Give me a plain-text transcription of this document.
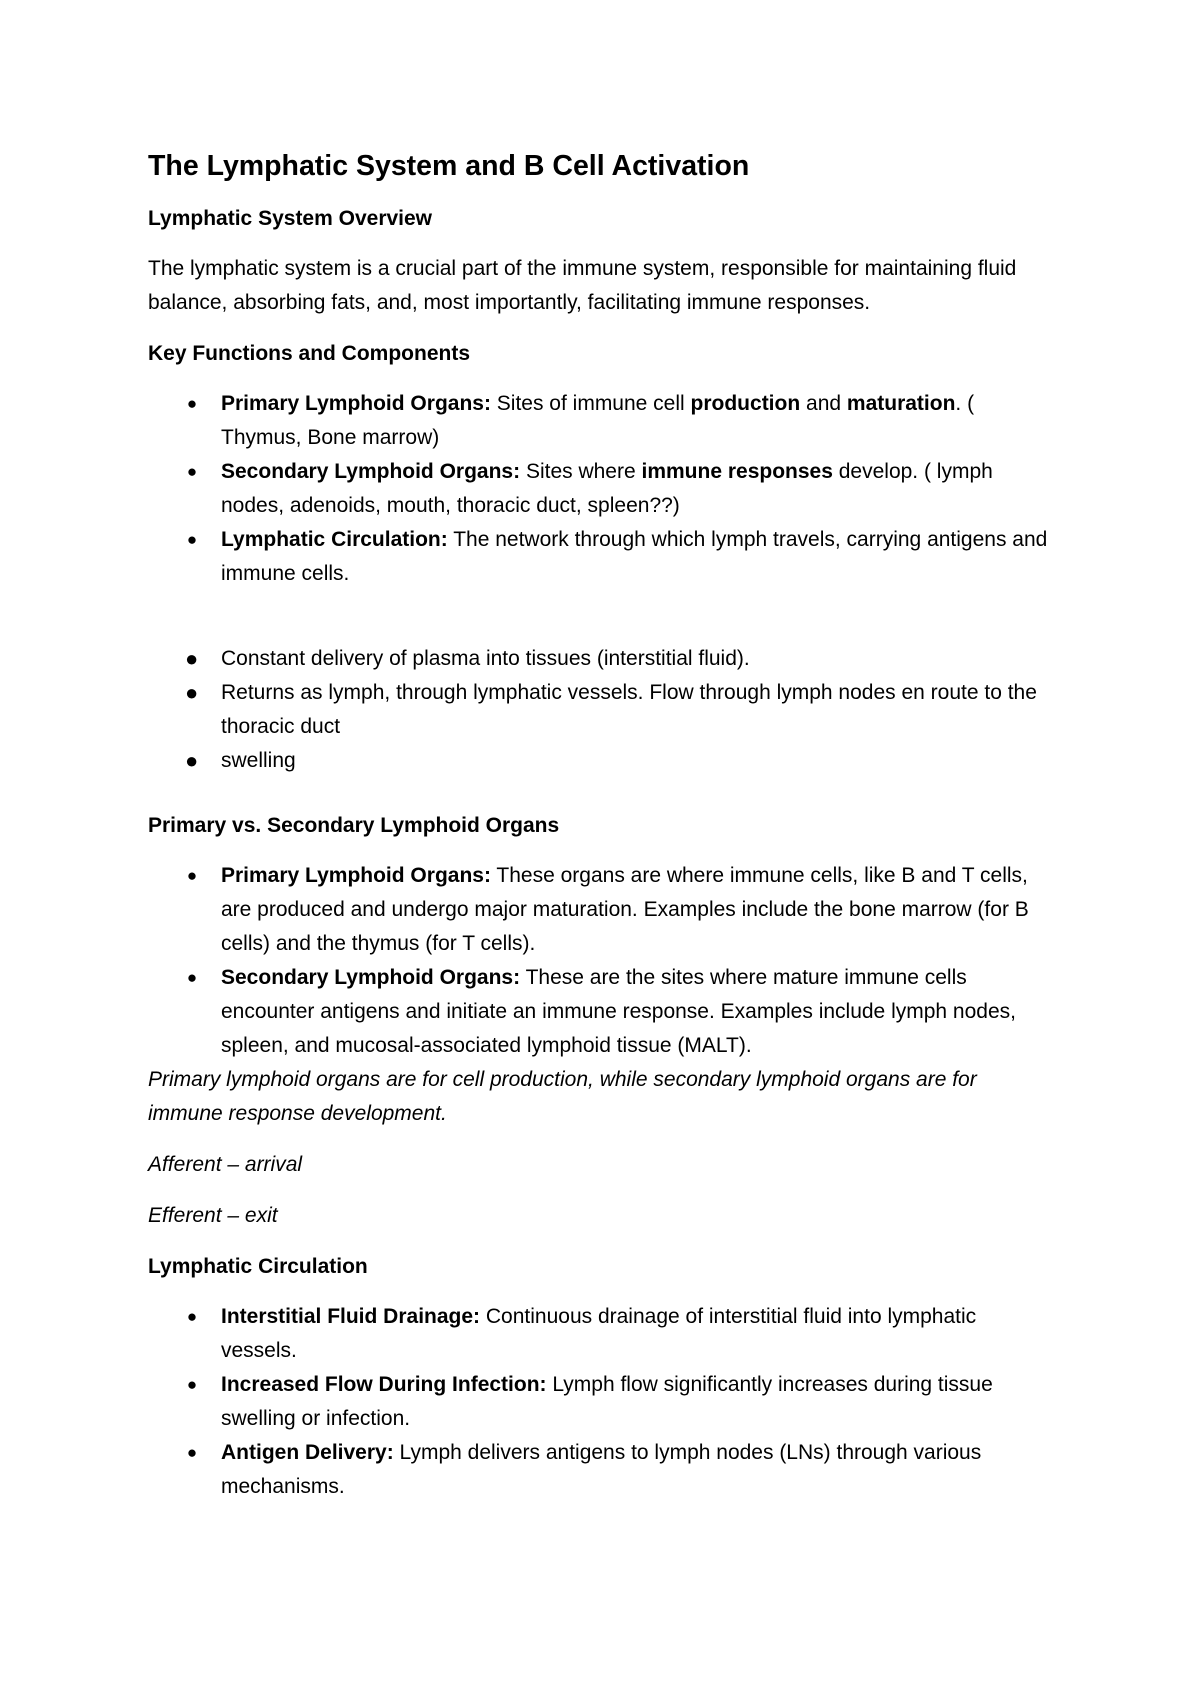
The Lymphatic System and B Cell Activation
Lymphatic System Overview

The lymphatic system is a crucial part of the immune system, responsible for maintaining fluid balance, absorbing fats, and, most importantly, facilitating immune responses.

Key Functions and Components
● Primary Lymphoid Organs: Sites of immune cell production and maturation. ( Thymus, Bone marrow)
● Secondary Lymphoid Organs: Sites where immune responses develop. ( lymph nodes, adenoids, mouth, thoracic duct, spleen??)
● Lymphatic Circulation: The network through which lymph travels, carrying antigens and immune cells.
● Constant delivery of plasma into tissues (interstitial fluid).
● Returns as lymph, through lymphatic vessels. Flow through lymph nodes en route to the thoracic duct
● swelling
Primary vs. Secondary Lymphoid Organs
● Primary Lymphoid Organs: These organs are where immune cells, like B and T cells, are produced and undergo major maturation. Examples include the bone marrow (for B cells) and the thymus (for T cells).
● Secondary Lymphoid Organs: These are the sites where mature immune cells encounter antigens and initiate an immune response. Examples include lymph nodes, spleen, and mucosal-associated lymphoid tissue (MALT).

Primary lymphoid organs are for cell production, while secondary lymphoid organs are for immune response development.

Afferent – arrival

Efferent – exit

Lymphatic Circulation
● Interstitial Fluid Drainage: Continuous drainage of interstitial fluid into lymphatic vessels.
● Increased Flow During Infection: Lymph flow significantly increases during tissue swelling or infection.
● Antigen Delivery: Lymph delivers antigens to lymph nodes (LNs) through various mechanisms.
